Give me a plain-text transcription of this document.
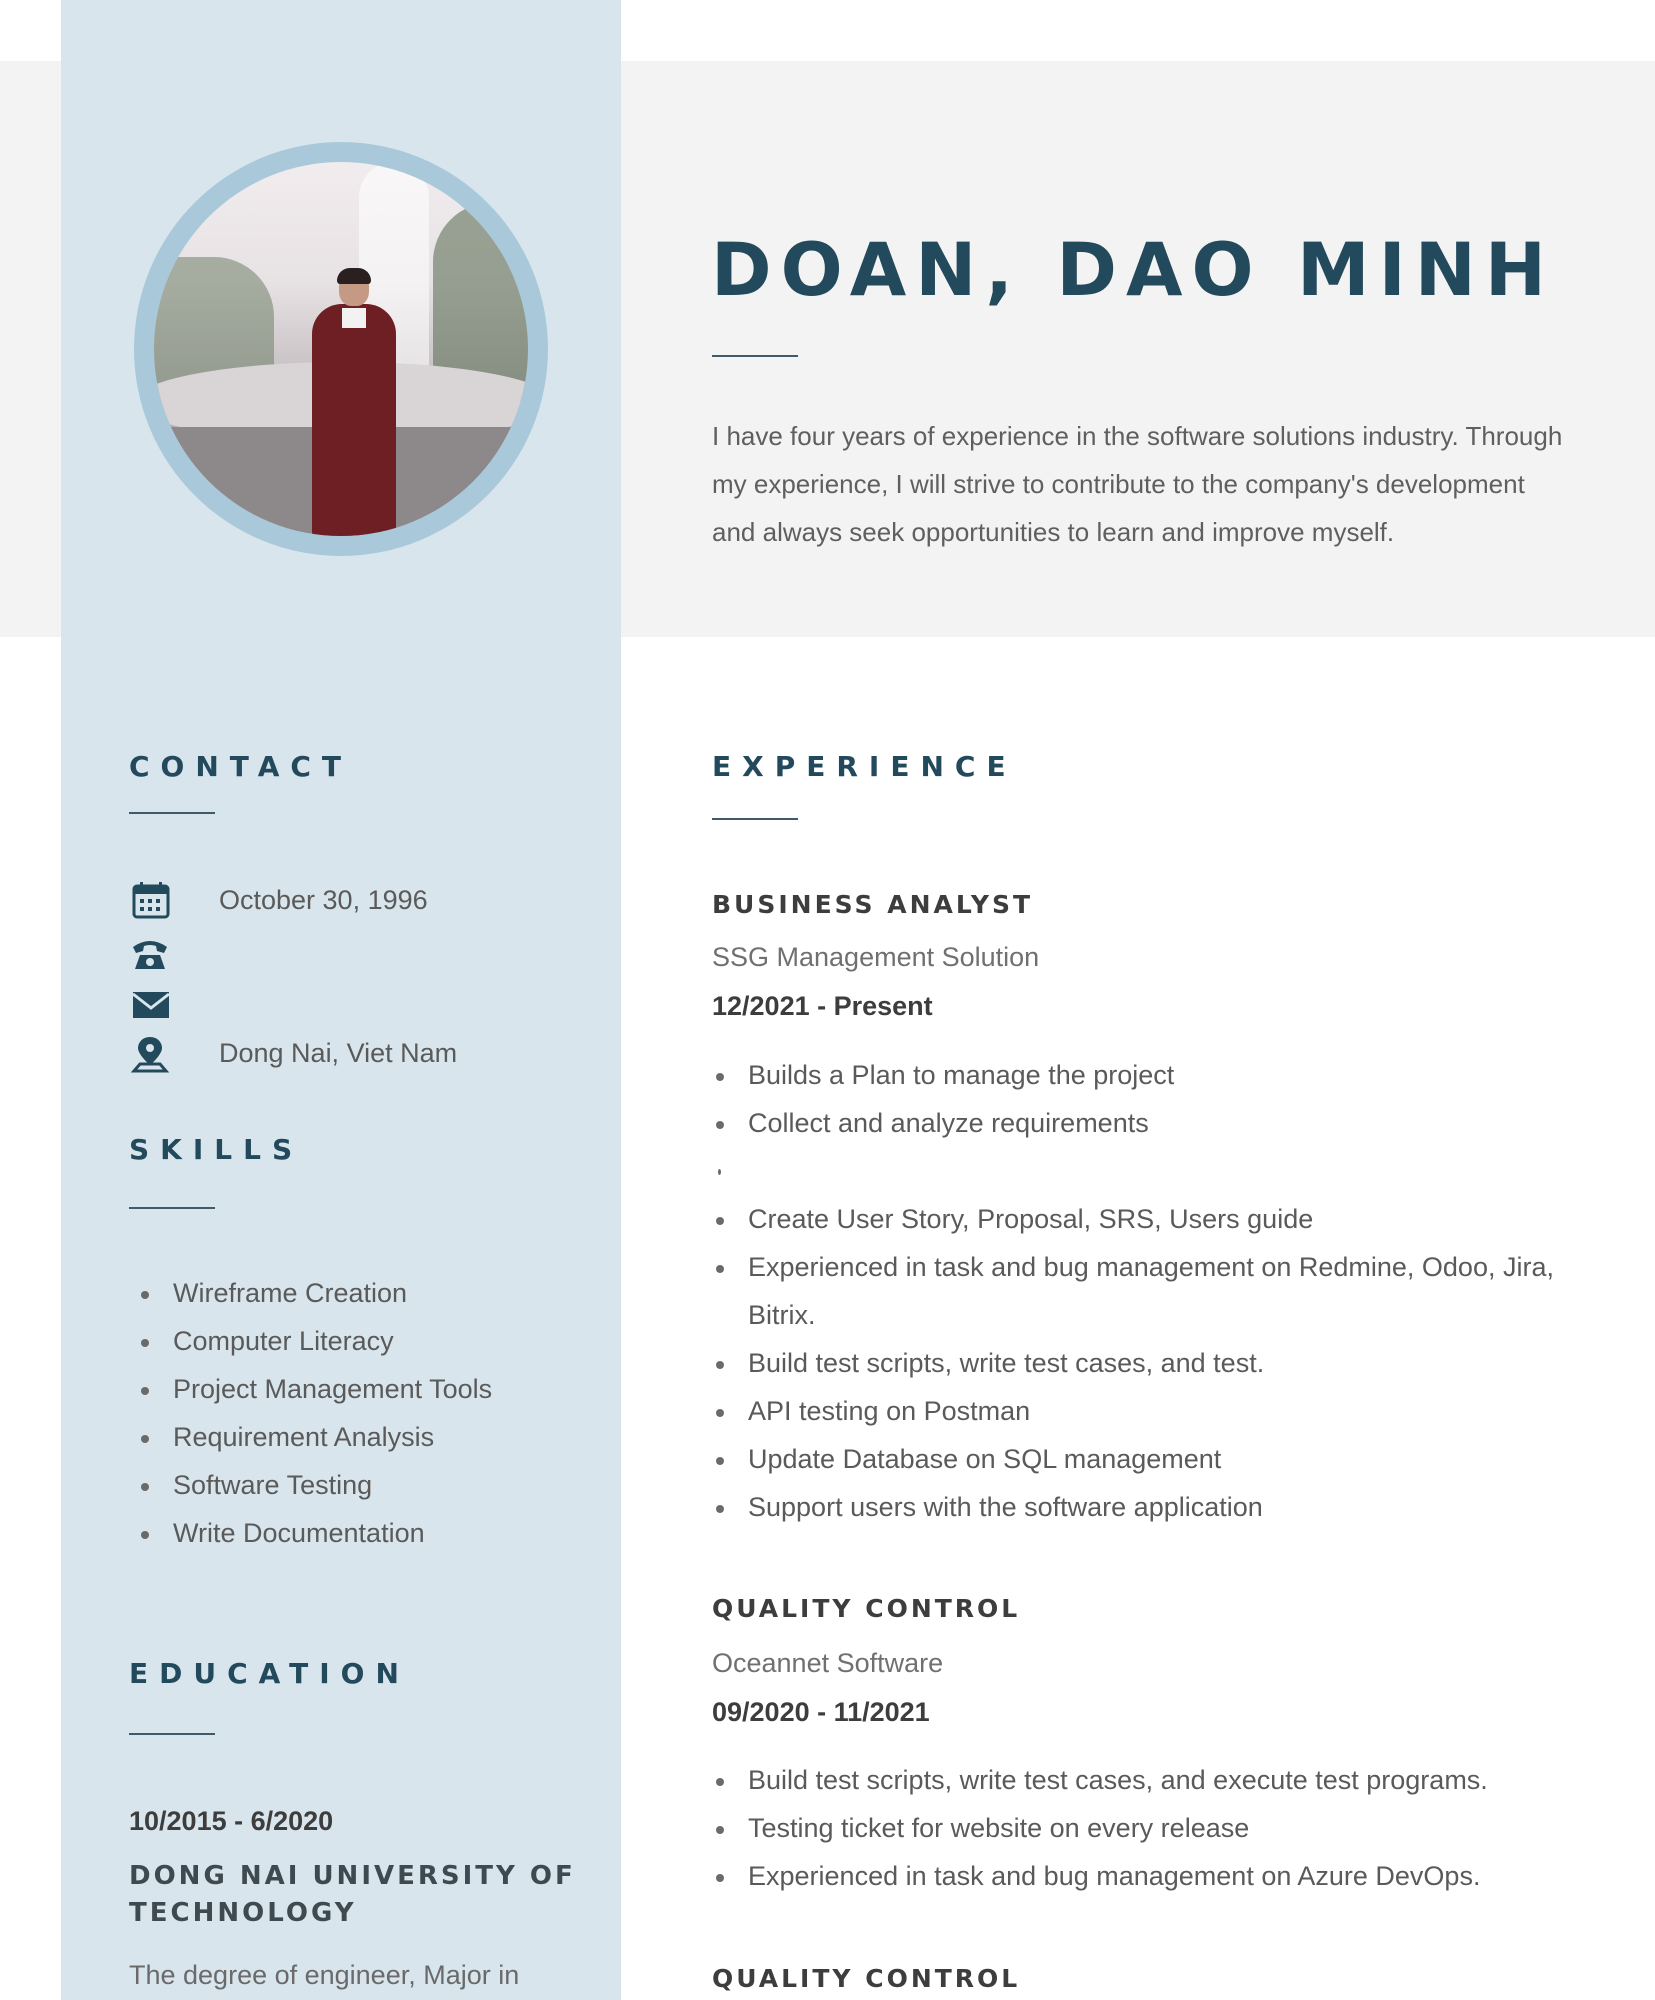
DOAN, DAO MINH

I have four years of experience in the software solutions industry. Through my experience, I will strive to contribute to the company's development and always seek opportunities to learn and improve myself.

CONTACT
October 30, 1996
Dong Nai, Viet Nam
SKILLS
Wireframe Creation
Computer Literacy
Project Management Tools
Requirement Analysis
Software Testing
Write Documentation
EDUCATION

10/2015 - 6/2020

DONG NAI UNIVERSITY OF TECHNOLOGY

The degree of engineer, Major in

EXPERIENCE
BUSINESS ANALYST

SSG Management Solution

12/2021 - Present

Builds a Plan to manage the project
Collect and analyze requirements
Create User Story, Proposal, SRS, Users guide
Experienced in task and bug management on Redmine, Odoo, Jira, Bitrix.
Build test scripts, write test cases, and test.
API testing on Postman
Update Database on SQL management
Support users with the software application
QUALITY CONTROL

Oceannet Software

09/2020 - 11/2021

Build test scripts, write test cases, and execute test programs.
Testing ticket for website on every release
Experienced in task and bug management on Azure DevOps.
QUALITY CONTROL
